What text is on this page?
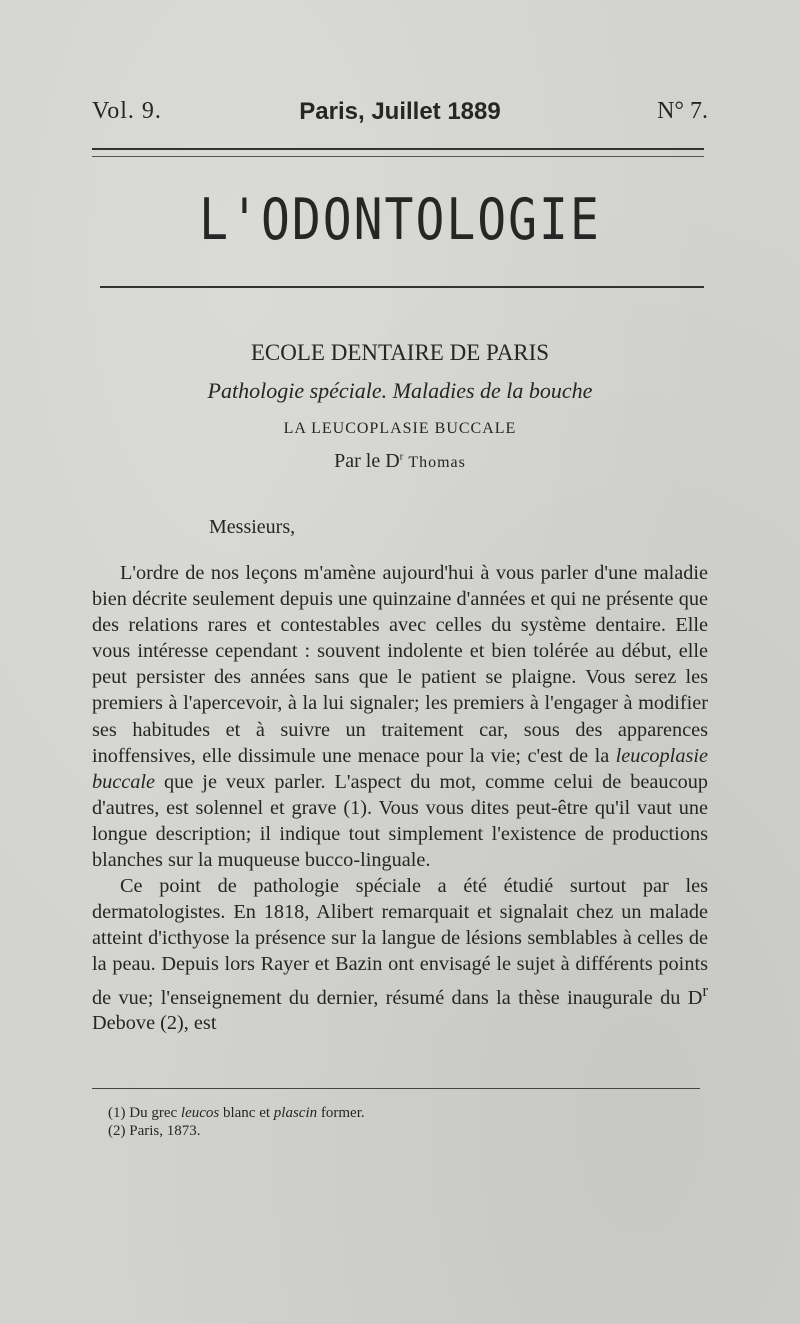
Vol. 9.	Paris, Juillet 1889	N° 7.
L'ODONTOLOGIE
ECOLE DENTAIRE DE PARIS
Pathologie spéciale. Maladies de la bouche
LA LEUCOPLASIE BUCCALE
Par le $D^r$ Thomas
Messieurs,

L'ordre de nos leçons m'amène aujourd'hui à vous parler d'une maladie bien décrite seulement depuis une quinzaine d'années et qui ne présente que des relations rares et contestables avec celles du système dentaire. Elle vous intéresse cependant : souvent indolente et bien tolérée au début, elle peut persister des années sans que le patient se plaigne. Vous serez les premiers à l'apercevoir, à la lui signaler; les premiers à l'engager à modifier ses habitudes et à suivre un traitement car, sous des apparences inoffensives, elle dissimule une menace pour la vie; c'est de la leucoplasie buccale que je veux parler. L'aspect du mot, comme celui de beaucoup d'autres, est solennel et grave (1). Vous vous dites peut-être qu'il vaut une longue description; il indique tout simplement l'existence de productions blanches sur la muqueuse bucco-linguale.

Ce point de pathologie spéciale a été étudié surtout par les dermatologistes. En 1818, Alibert remarquait et signalait chez un malade atteint d'icthyose la présence sur la langue de lésions semblables à celles de la peau. Depuis lors Rayer et Bazin ont envisagé le sujet à différents points de vue; l'enseignement du dernier, résumé dans la thèse inaugurale du $D^r$ Debove (2), est

(1) Du grec leucos blanc et plascin former.
(2) Paris, 1873.
